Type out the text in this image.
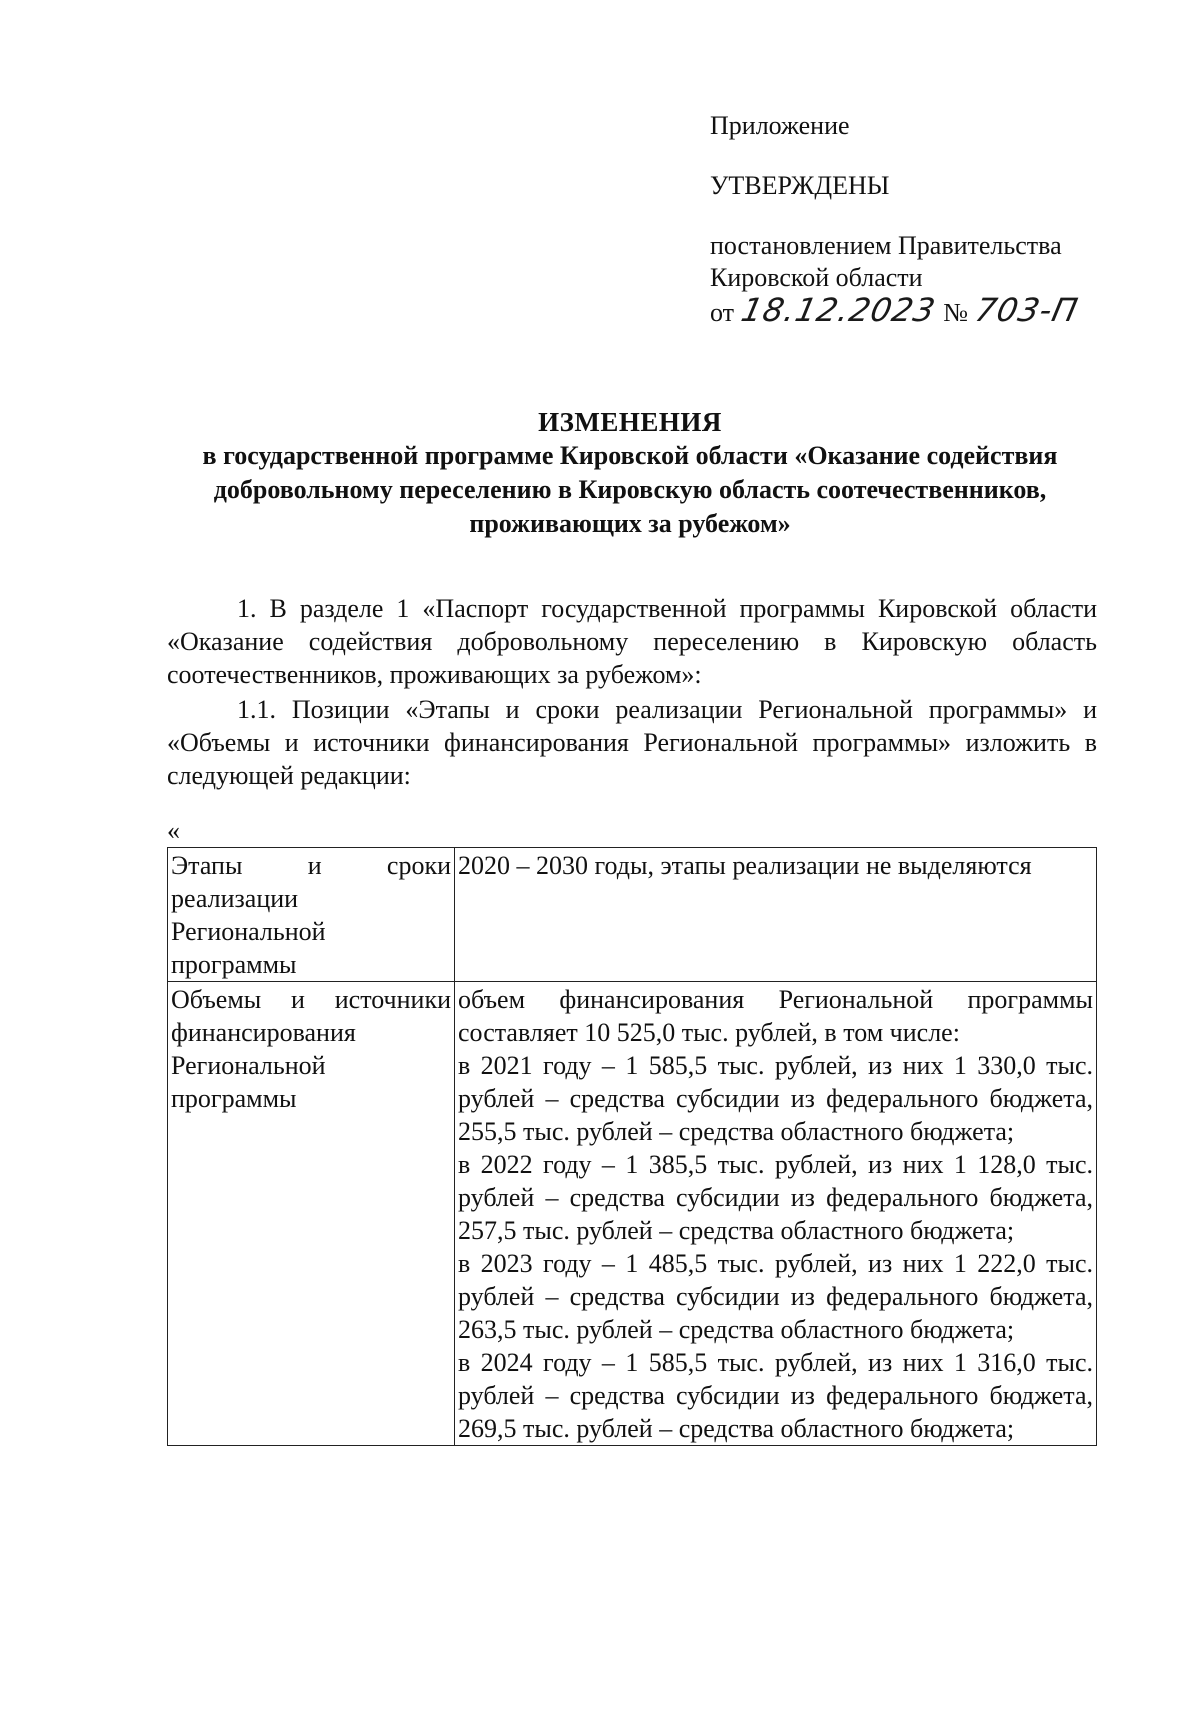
Приложение

УТВЕРЖДЕНЫ

постановлением Правительства

Кировской области

от 18.12.2023 № 703-П

ИЗМЕНЕНИЯ

в государственной программе Кировской области «Оказание содействия добровольному переселению в Кировскую область соотечественников, проживающих за рубежом»

1. В разделе 1 «Паспорт государственной программы Кировской области «Оказание содействия добровольному переселению в Кировскую область соотечественников, проживающих за рубежом»:

1.1. Позиции «Этапы и сроки реализации Региональной программы» и «Объемы и источники финансирования Региональной программы» изложить в следующей редакции:

«
Этапы и сроки реализации Региональной программы	2020 – 2030 годы, этапы реализации не выделяются
Объемы и источники финансирования Региональной программы	объем финансирования Региональной программы составляет 10 525,0 тыс. рублей, в том числе:
в 2021 году – 1 585,5 тыс. рублей, из них 1 330,0 тыс. рублей – средства субсидии из федерального бюджета, 255,5 тыс. рублей – средства областного бюджета;
в 2022 году – 1 385,5 тыс. рублей, из них 1 128,0 тыс. рублей – средства субсидии из федерального бюджета, 257,5 тыс. рублей – средства областного бюджета;
в 2023 году – 1 485,5 тыс. рублей, из них 1 222,0 тыс. рублей – средства субсидии из федерального бюджета, 263,5 тыс. рублей – средства областного бюджета;
в 2024 году – 1 585,5 тыс. рублей, из них 1 316,0 тыс. рублей – средства субсидии из федерального бюджета, 269,5 тыс. рублей – средства областного бюджета;
